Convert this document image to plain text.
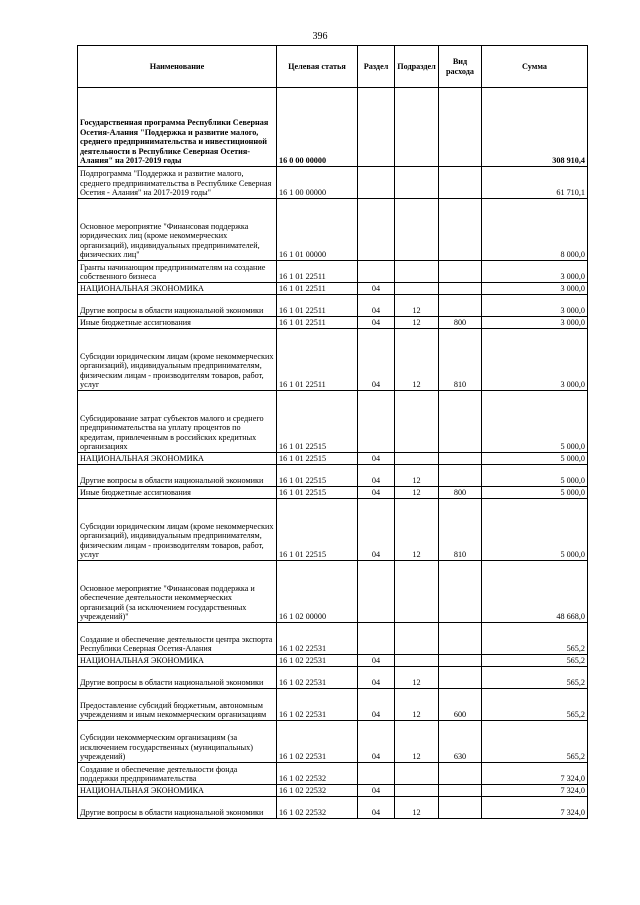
396
Наименование	Целевая статья	Раздел	Подраздел	Вид расхода	Сумма
Государственная программа Республики Северная Осетия-Алания "Поддержка и развитие малого, среднего предпринимательства и инвестиционной деятельности в Республике Северная Осетия-Алания" на 2017-2019 годы	16 0 00 00000				308 910,4
Подпрограмма "Поддержка и развитие малого, среднего предпринимательства в Республике Северная Осетия - Алания" на 2017-2019 годы"	16 1 00 00000				61 710,1
Основное мероприятие "Финансовая поддержка юридических лиц (кроме некоммерческих организаций), индивидуальных предпринимателей, физических лиц"	16 1 01 00000				8 000,0
Гранты начинающим предпринимателям на создание собственного бизнеса	16 1 01 22511				3 000,0
НАЦИОНАЛЬНАЯ ЭКОНОМИКА	16 1 01 22511	04			3 000,0
Другие вопросы в области национальной экономики	16 1 01 22511	04	12		3 000,0
Иные бюджетные ассигнования	16 1 01 22511	04	12	800	3 000,0
Субсидии юридическим лицам (кроме некоммерческих организаций), индивидуальным предпринимателям, физическим лицам - производителям товаров, работ, услуг	16 1 01 22511	04	12	810	3 000,0
Субсидирование затрат субъектов малого и среднего предпринимательства на уплату процентов по кредитам, привлеченным в российских кредитных организациях	16 1 01 22515				5 000,0
НАЦИОНАЛЬНАЯ ЭКОНОМИКА	16 1 01 22515	04			5 000,0
Другие вопросы в области национальной экономики	16 1 01 22515	04	12		5 000,0
Иные бюджетные ассигнования	16 1 01 22515	04	12	800	5 000,0
Субсидии юридическим лицам (кроме некоммерческих организаций), индивидуальным предпринимателям, физическим лицам - производителям товаров, работ, услуг	16 1 01 22515	04	12	810	5 000,0
Основное мероприятие "Финансовая поддержка и обеспечение деятельности некоммерческих организаций (за исключением государственных учреждений)"	16 1 02 00000				48 668,0
Создание и обеспечение деятельности центра экспорта Республики Северная Осетия-Алания	16 1 02 22531				565,2
НАЦИОНАЛЬНАЯ ЭКОНОМИКА	16 1 02 22531	04			565,2
Другие вопросы в области национальной экономики	16 1 02 22531	04	12		565,2
Предоставление субсидий бюджетным, автономным учреждениям и иным некоммерческим организациям	16 1 02 22531	04	12	600	565,2
Субсидии некоммерческим организациям (за исключением государственных (муниципальных) учреждений)	16 1 02 22531	04	12	630	565,2
Создание и обеспечение деятельности фонда поддержки предпринимательства	16 1 02 22532				7 324,0
НАЦИОНАЛЬНАЯ ЭКОНОМИКА	16 1 02 22532	04			7 324,0
Другие вопросы в области национальной экономики	16 1 02 22532	04	12		7 324,0
